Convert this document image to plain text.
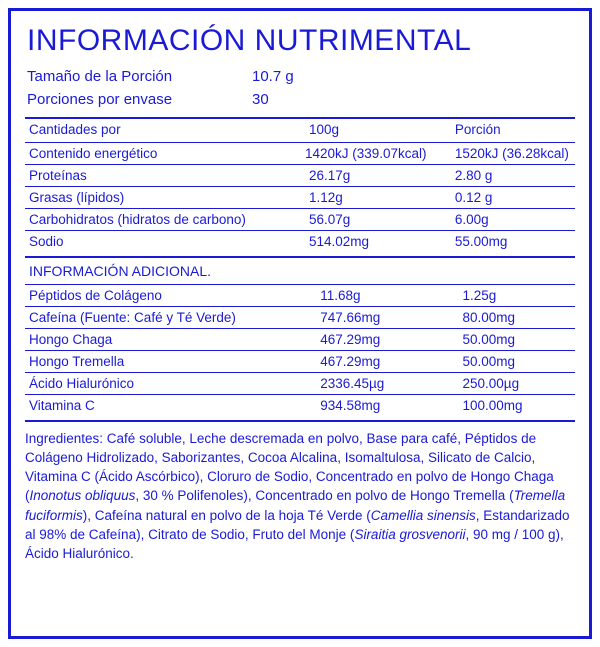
INFORMACIÓN NUTRIMENTAL
Tamaño de la Porción	10.7 g
Porciones por envase	30
Cantidades por	100g	Porción
Contenido energético	1420kJ (339.07kcal)	1520kJ (36.28kcal)
Proteínas	26.17g	2.80 g
Grasas (lípidos)	1.12g	0.12 g
Carbohidratos (hidratos de carbono)	56.07g	6.00g
Sodio	514.02mg	55.00mg
INFORMACIÓN ADICIONAL.		
Péptidos de Colágeno	11.68g	1.25g
Cafeína (Fuente: Café y Té Verde)	747.66mg	80.00mg
Hongo Chaga	467.29mg	50.00mg
Hongo Tremella	467.29mg	50.00mg
Ácido Hialurónico	2336.45µg	250.00µg
Vitamina C	934.58mg	100.00mg
Ingredientes: Café soluble, Leche descremada en polvo, Base para café, Péptidos de Colágeno Hidrolizado, Saborizantes, Cocoa Alcalina, Isomaltulosa, Silicato de Calcio, Vitamina C (Ácido Ascórbico), Cloruro de Sodio, Concentrado en polvo de Hongo Chaga (Inonotus obliquus, 30 % Polifenoles), Concentrado en polvo de Hongo Tremella (Tremella fuciformis), Cafeína natural en polvo de la hoja Té Verde (Camellia sinensis, Estandarizado al 98% de Cafeína), Citrato de Sodio, Fruto del Monje (Siraitia grosvenorii, 90 mg / 100 g), Ácido Hialurónico.
